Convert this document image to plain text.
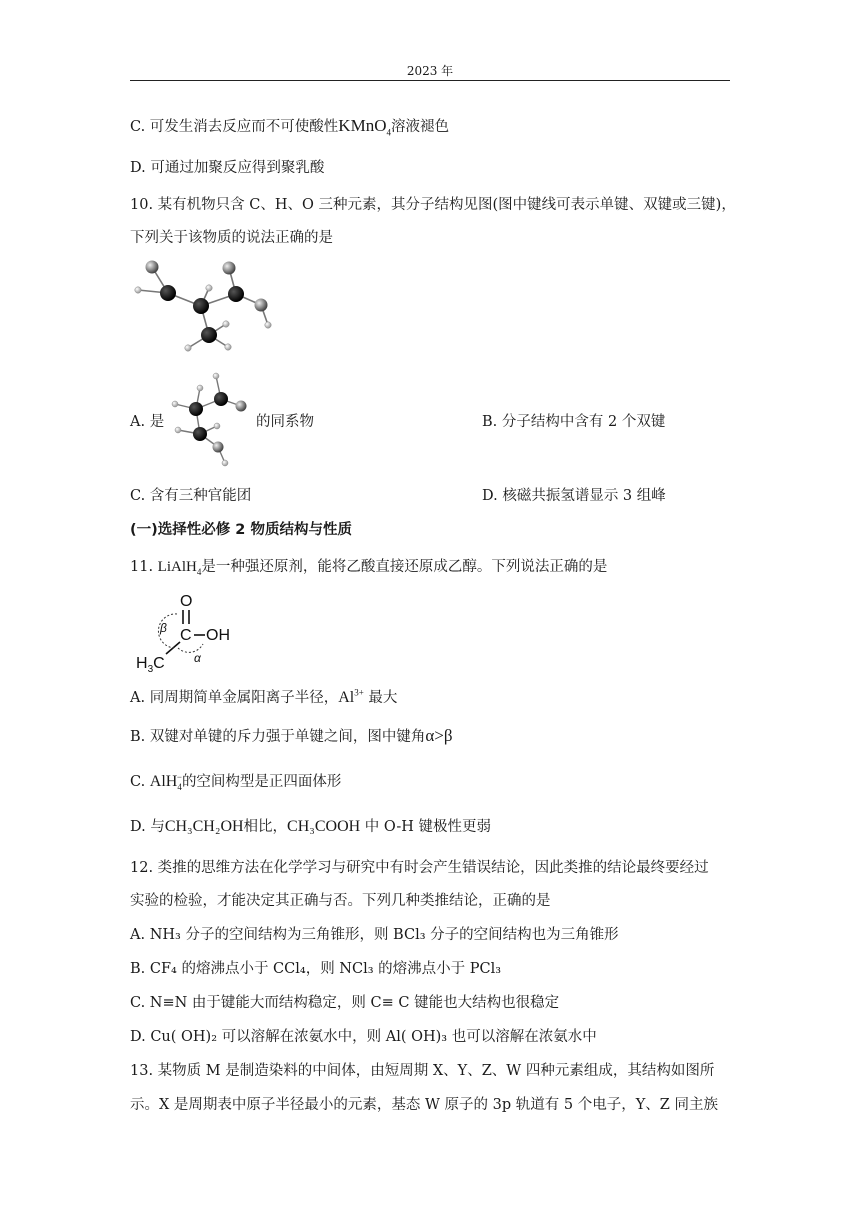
2023 年
C. 可发生消去反应而不可使酸性KMnO$_4$溶液褪色
D. 可通过加聚反应得到聚乳酸
10. 某有机物只含 C、H、O 三种元素，其分子结构见图(图中键线可表示单键、双键或三键)，
下列关于该物质的说法正确的是
A. 是	的同系物	B. 分子结构中含有 2 个双键
C. 含有三种官能团	D. 核磁共振氢谱显示 3 组峰
(一)选择性必修 2 物质结构与性质
11. LiAlH$_4$是一种强还原剂，能将乙酸直接还原成乙醇。下列说法正确的是
O
C OH
$H_3C$
β
α
A. 同周期简单金属阳离子半径，$Al^{3+}$ 最大
B. 双键对单键的斥力强于单键之间，图中键角α>β
C. AlH$_4$−的空间构型是正四面体形
D. 与CH₃CH₂OH相比，CH₃COOH 中 O-H 键极性更弱
12. 类推的思维方法在化学学习与研究中有时会产生错误结论，因此类推的结论最终要经过
实验的检验，才能决定其正确与否。下列几种类推结论，正确的是
A. NH₃ 分子的空间结构为三角锥形，则 BCl₃ 分子的空间结构也为三角锥形
B. CF₄ 的熔沸点小于 CCl₄，则 NCl₃ 的熔沸点小于 PCl₃
C. N≡N 由于键能大而结构稳定，则 C≡ C 键能也大结构也很稳定
D. Cu( OH)₂ 可以溶解在浓氨水中，则 Al( OH)₃ 也可以溶解在浓氨水中
13. 某物质 M 是制造染料的中间体，由短周期 X、Y、Z、W 四种元素组成，其结构如图所
示。X 是周期表中原子半径最小的元素，基态 W 原子的 3p 轨道有 5 个电子，Y、Z 同主族
